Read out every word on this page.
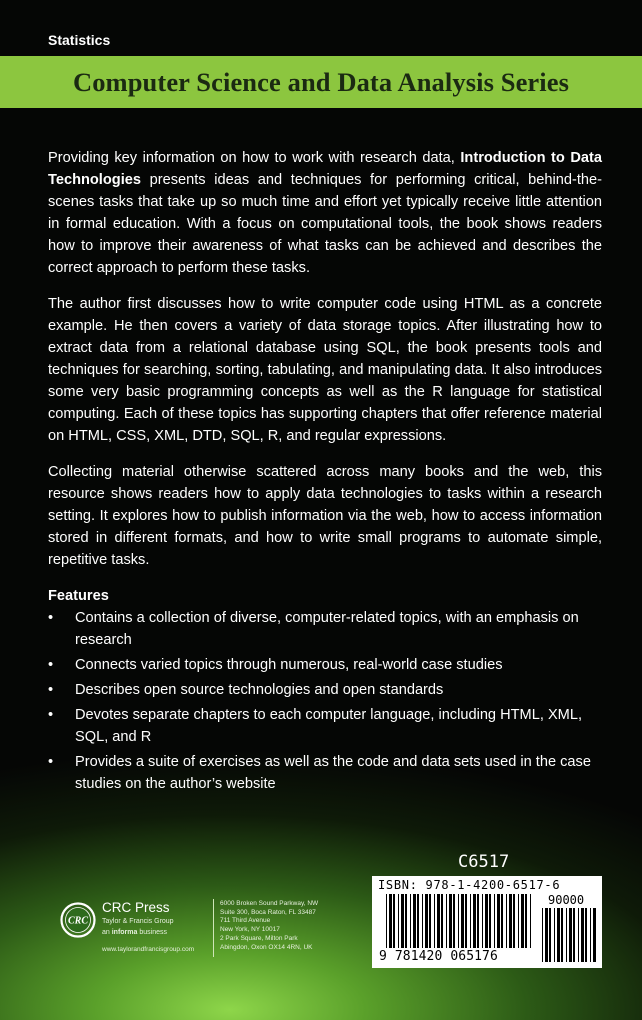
Statistics
Computer Science and Data Analysis Series

Providing key information on how to work with research data, Introduction to Data Technologies presents ideas and techniques for performing critical, behind-the-scenes tasks that take up so much time and effort yet typically receive little attention in formal education. With a focus on computational tools, the book shows readers how to improve their awareness of what tasks can be achieved and describes the correct approach to perform these tasks.

The author first discusses how to write computer code using HTML as a concrete example. He then covers a variety of data storage topics. After illustrating how to extract data from a relational database using SQL, the book presents tools and techniques for searching, sorting, tabulating, and manipulating data. It also introduces some very basic programming concepts as well as the R language for statistical computing. Each of these topics has supporting chapters that offer reference material on HTML, CSS, XML, DTD, SQL, R, and regular expressions.

Collecting material otherwise scattered across many books and the web, this resource shows readers how to apply data technologies to tasks within a research setting. It explores how to publish information via the web, how to access information stored in different formats, and how to write small programs to automate simple, repetitive tasks.

Features

• Contains a collection of diverse, computer-related topics, with an emphasis on research
• Connects varied topics through numerous, real-world case studies
• Describes open source technologies and open standards
• Devotes separate chapters to each computer language, including HTML, XML, SQL, and R
• Provides a suite of exercises as well as the code and data sets used in the case studies on the author’s website
CRC
CRC Press
Taylor & Francis Group
an informa business
www.taylorandfrancisgroup.com
6000 Broken Sound Parkway, NW
Suite 300, Boca Raton, FL 33487
711 Third Avenue
New York, NY 10017
2 Park Square, Milton Park
Abingdon, Oxon OX14 4RN, UK
C6517
ISBN: 978-1-4200-6517-6
90000
9 781420 065176
